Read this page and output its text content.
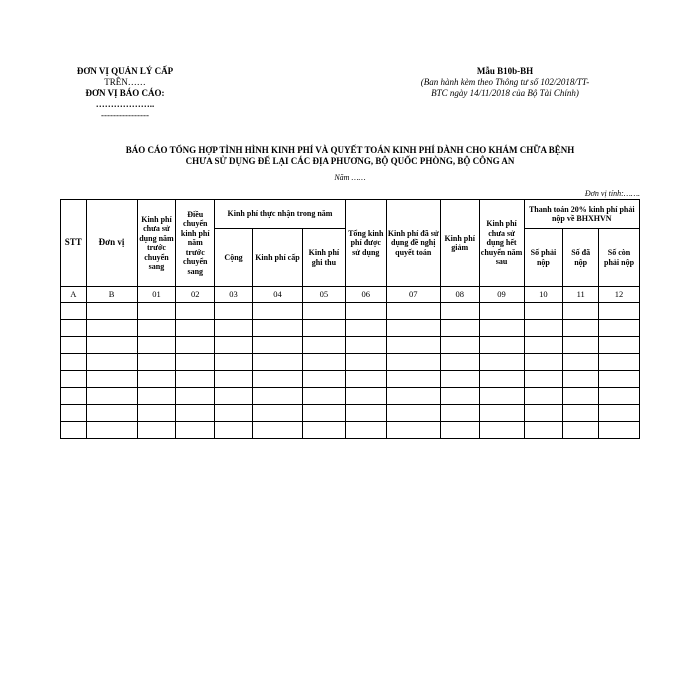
ĐƠN VỊ QUẢN LÝ CẤP
TRÊN……
ĐƠN VỊ BÁO CÁO:
………………..
----------------
Mẫu B10b-BH
(Ban hành kèm theo Thông tư số 102/2018/TT-
BTC ngày 14/11/2018 của Bộ Tài Chính)
BÁO CÁO TỔNG HỢP TÌNH HÌNH KINH PHÍ VÀ QUYẾT TOÁN KINH PHÍ DÀNH CHO KHÁM CHỮA BỆNH
CHƯA SỬ DỤNG ĐỂ LẠI CÁC ĐỊA PHƯƠNG, BỘ QUỐC PHÒNG, BỘ CÔNG AN
Năm ……
Đơn vị tính:…….
STT	Đơn vị	Kinh phí chưa sử dụng năm trước chuyển sang	Điều chuyển kinh phí năm trước chuyển sang	Kinh phí thực nhận trong năm			Tổng kinh phí được sử dụng	Kinh phí đã sử dụng đề nghị quyết toán	Kinh phí giảm	Kinh phí chưa sử dụng hết chuyển năm sau	Thanh toán 20% kinh phí phải nộp về BHXHVN		
				Cộng	Kinh phí cấp	Kinh phí ghi thu					Số phải nộp	Số đã nộp	Số còn phải nộp
A	B	01	02	03	04	05	06	07	08	09	10	11	12
